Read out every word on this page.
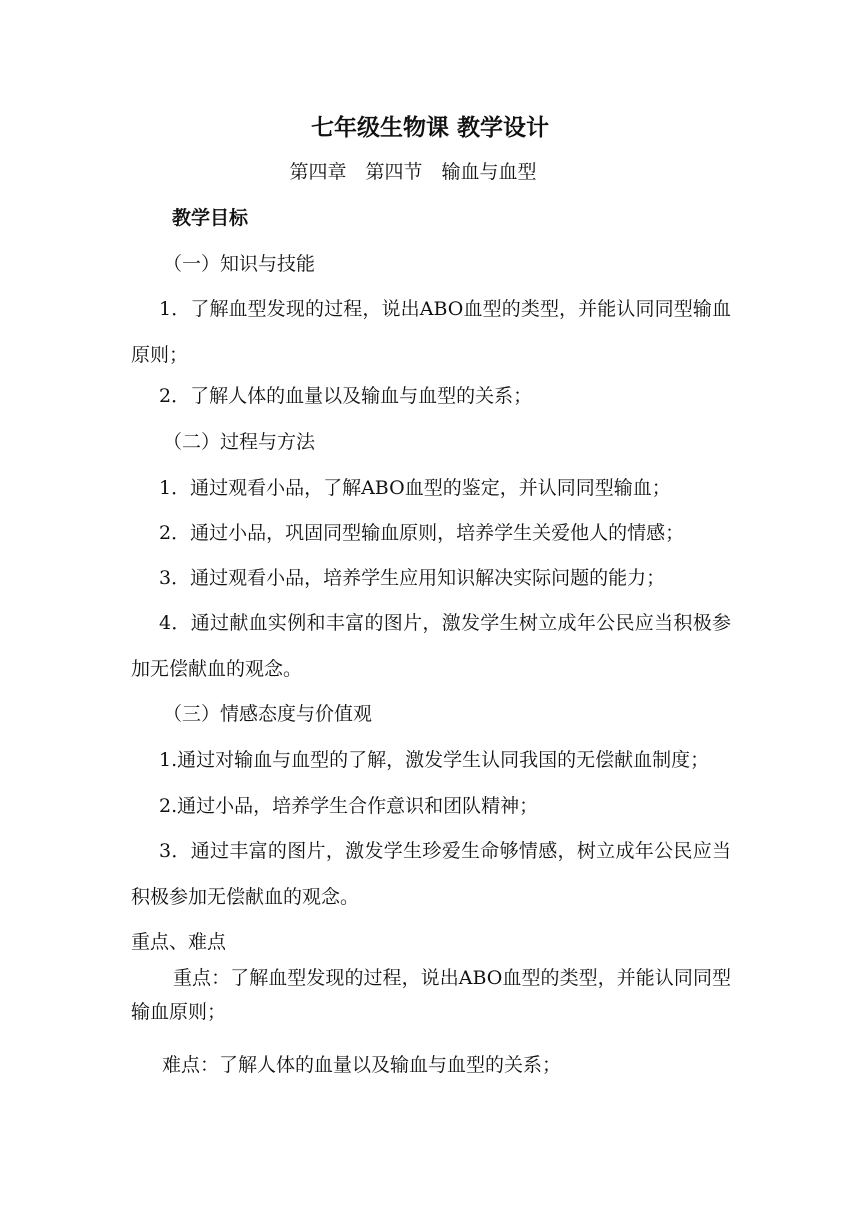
七年级生物课 教学设计
第四章　第四节　输血与血型
教学目标
（一）知识与技能
1．了解血型发现的过程，说出ABO血型的类型，并能认同同型输血原则；
2．了解人体的血量以及输血与血型的关系；
（二）过程与方法
1．通过观看小品，了解ABO血型的鉴定，并认同同型输血；
2．通过小品，巩固同型输血原则，培养学生关爱他人的情感；
3．通过观看小品，培养学生应用知识解决实际问题的能力；
4．通过献血实例和丰富的图片，激发学生树立成年公民应当积极参加无偿献血的观念。
（三）情感态度与价值观
1.通过对输血与血型的了解，激发学生认同我国的无偿献血制度；
2.通过小品，培养学生合作意识和团队精神；
3．通过丰富的图片，激发学生珍爱生命够情感，树立成年公民应当积极参加无偿献血的观念。
重点、难点
重点：了解血型发现的过程，说出ABO血型的类型，并能认同同型输血原则；
难点：了解人体的血量以及输血与血型的关系；
